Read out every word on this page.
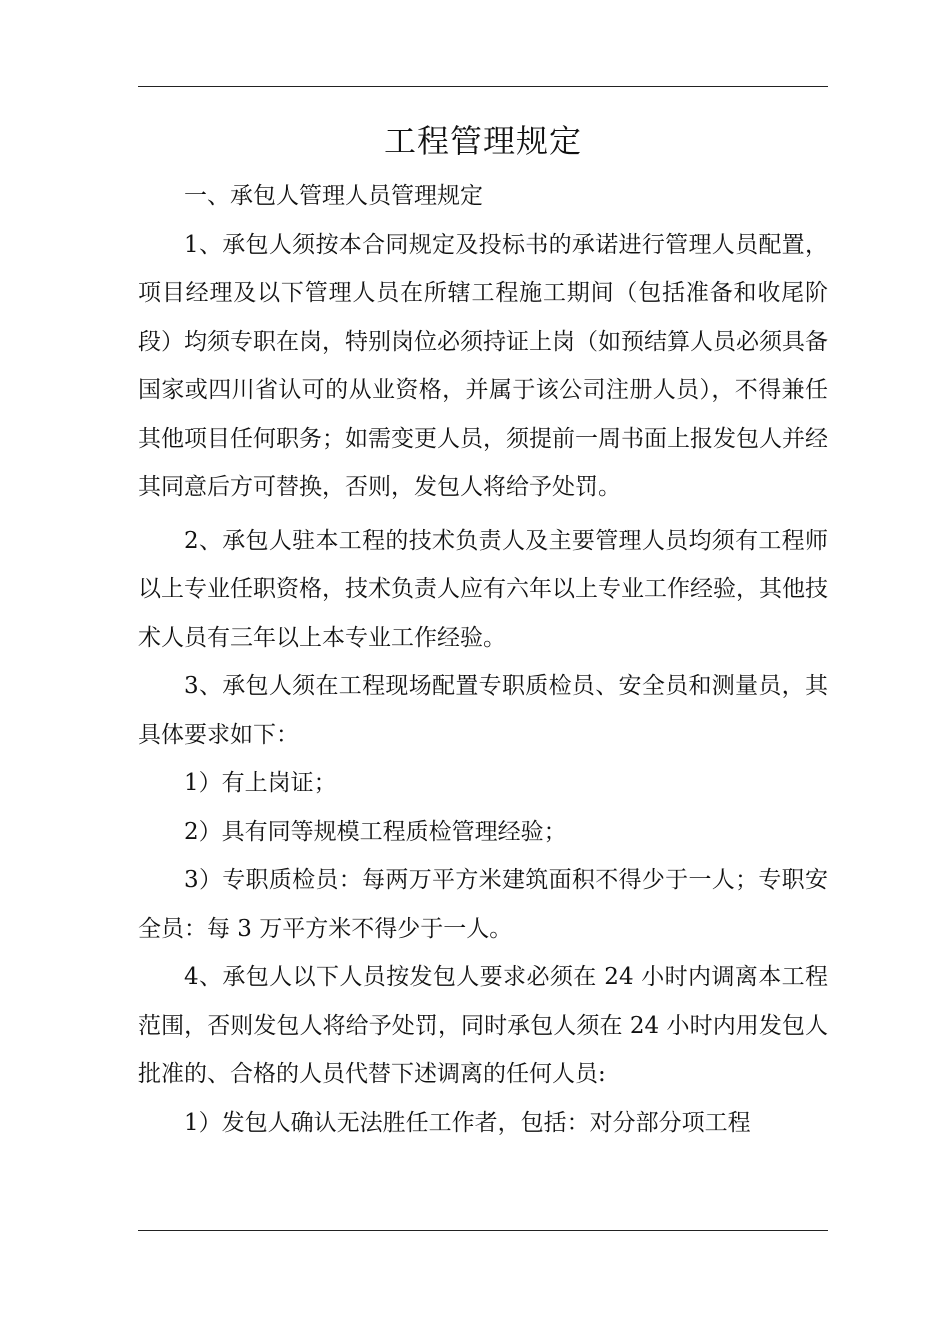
工程管理规定

一、承包人管理人员管理规定

1、承包人须按本合同规定及投标书的承诺进行管理人员配置，项目经理及以下管理人员在所辖工程施工期间（包括准备和收尾阶段）均须专职在岗，特别岗位必须持证上岗（如预结算人员必须具备国家或四川省认可的从业资格，并属于该公司注册人员），不得兼任其他项目任何职务；如需变更人员，须提前一周书面上报发包人并经其同意后方可替换，否则，发包人将给予处罚。

2、承包人驻本工程的技术负责人及主要管理人员均须有工程师以上专业任职资格，技术负责人应有六年以上专业工作经验，其他技术人员有三年以上本专业工作经验。

3、承包人须在工程现场配置专职质检员、安全员和测量员，其具体要求如下：

1）有上岗证；

2）具有同等规模工程质检管理经验；

3）专职质检员：每两万平方米建筑面积不得少于一人；专职安全员：每 3 万平方米不得少于一人。

4、承包人以下人员按发包人要求必须在 24 小时内调离本工程范围，否则发包人将给予处罚，同时承包人须在 24 小时内用发包人批准的、合格的人员代替下述调离的任何人员:

1）发包人确认无法胜任工作者，包括：对分部分项工程
